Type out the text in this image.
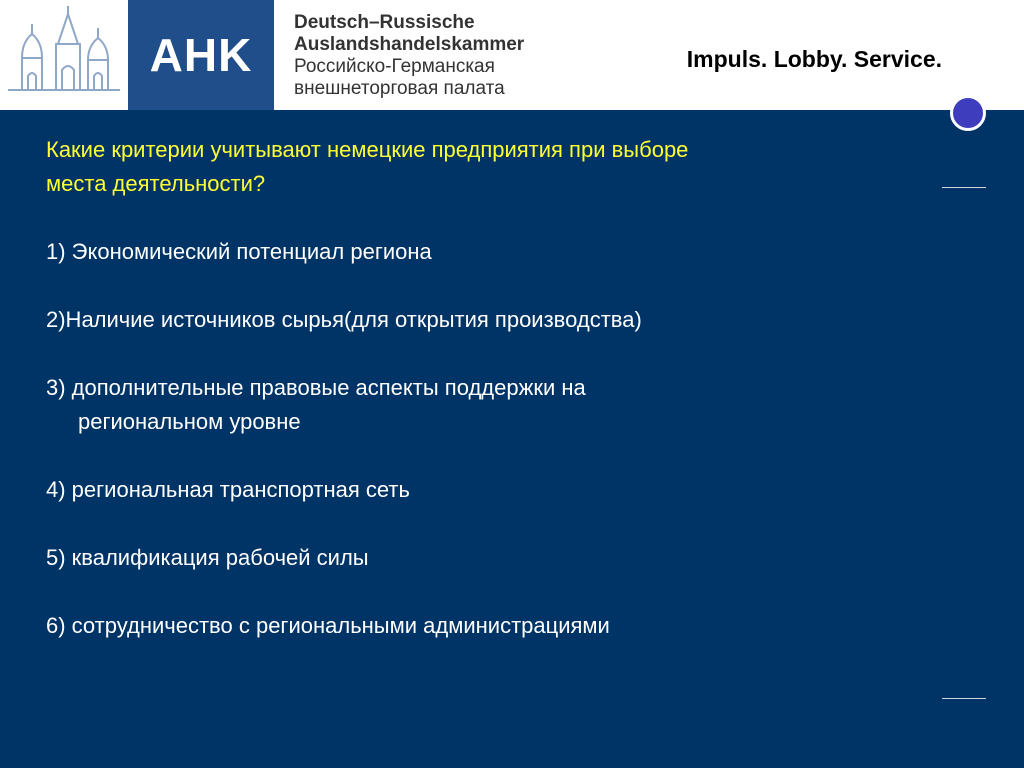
AHK
Deutsch–Russische
Auslandshandelskammer
Российско-Германская
внешнеторговая палата
Impuls. Lobby. Service.
Какие критерии учитывают немецкие предприятия при выборе
места деятельности?
1) Экономический потенциал региона
2)Наличие источников сырья(для открытия производства)
3) дополнительные правовые аспекты поддержки на
региональном уровне
4) региональная транспортная сеть
5) квалификация рабочей силы
6) сотрудничество с региональными администрациями
